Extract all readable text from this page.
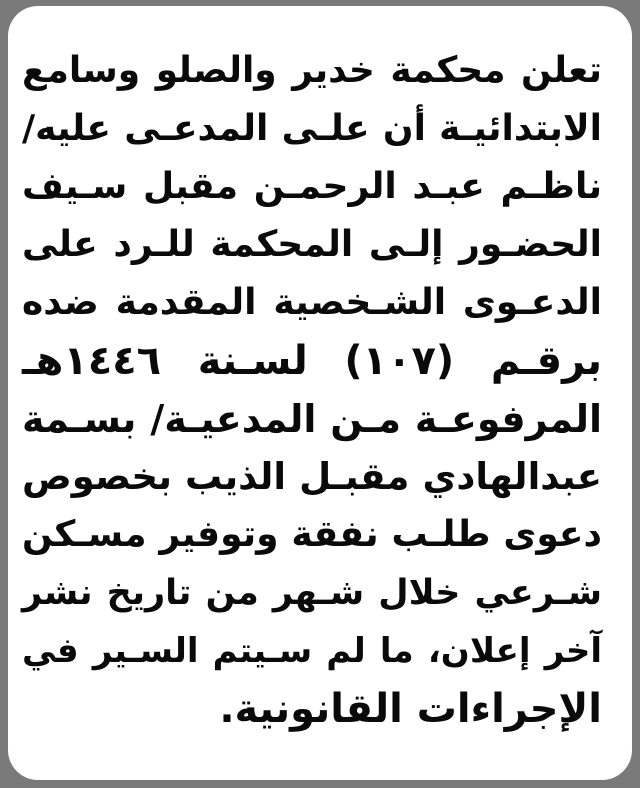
تعلن محكمة خدير والصلو وسامع
الابتدائيـة أن علـى المدعـى عليه/
ناظـم عبـد الرحمـن مقبل سـيف
الحضـور إلـى المحكمة للـرد على
الدعـوى الشـخصية المقدمة ضده
برقـم (١٠٧) لسـنة ١٤٤٦هـ
المرفوعـة مـن المدعيـة/ بسـمة
عبدالهادي مقبـل الذيب بخصوص
دعوى طلـب نفقة وتوفير مسـكن
شـرعي خلال شـهر من تاريخ نشر
آخر إعلان، ما لم سـيتم السـير في
الإجراءات القانونية.
